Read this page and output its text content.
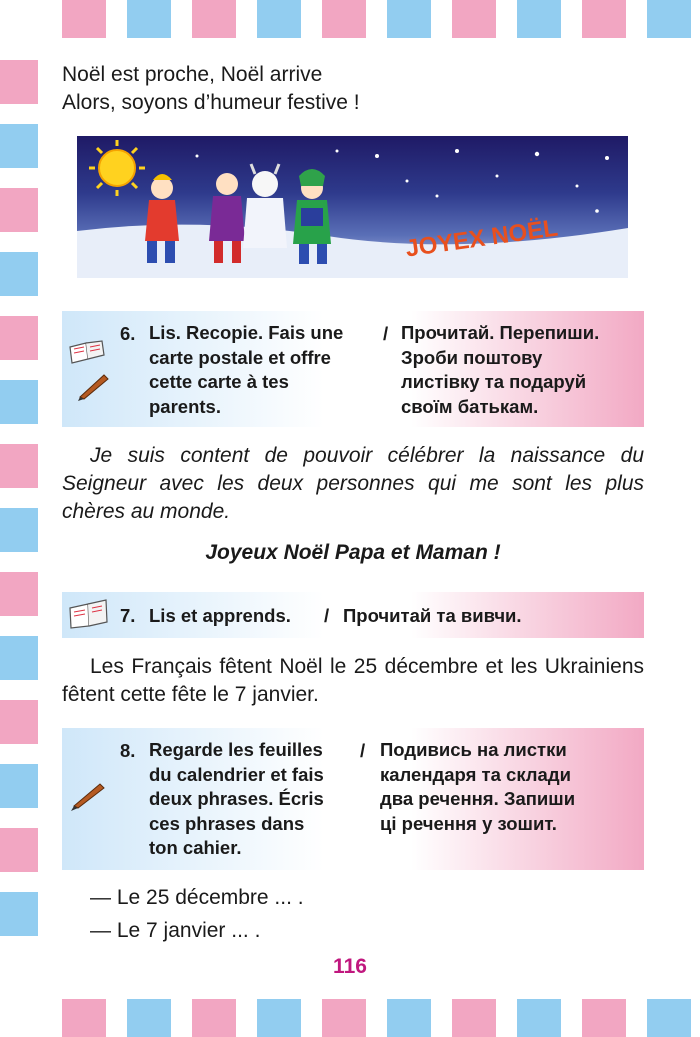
Noël est proche, Noël arrive
Alors, soyons d’humeur festive !
JOYEX NOËL
6. Lis. Recopie. Fais une
carte postale et offre
cette carte à tes
parents.
/ Прочитай. Перепиши.
Зроби поштову
листівку та подаруй
своїм батькам.
Je suis content de pouvoir célébrer la naissance du Seigneur avec les deux personnes qui me sont les plus chères au monde.
Joyeux Noël Papa et Maman !
7. Lis et apprends. / Прочитай та вивчи.
Les Français fêtent Noël le 25 décembre et les Ukrainiens fêtent cette fête le 7 janvier.
8. Regarde les feuilles
du calendrier et fais
deux phrases. Écris
ces phrases dans
ton cahier.
/ Подивись на листки
календаря та склади
два речення. Запиши
ці речення у зошит.
— Le 25 décembre ... .
— Le 7 janvier ... .
116
